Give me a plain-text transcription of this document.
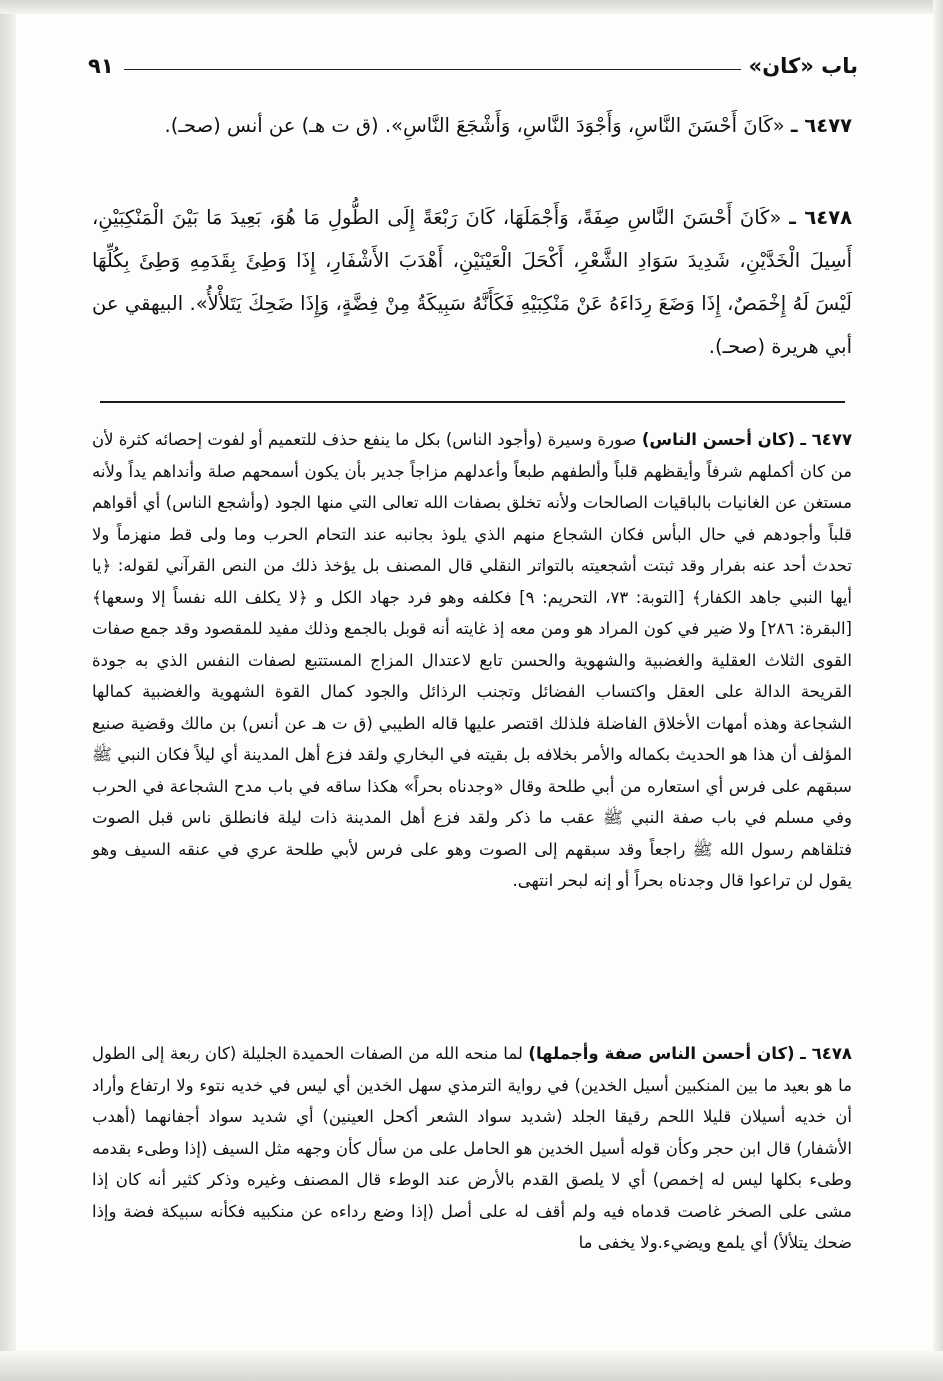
باب «كان»
٩١
٦٤٧٧ ـ «كَانَ أَحْسَنَ النَّاسِ، وَأَجْوَدَ النَّاسِ، وَأَشْجَعَ النَّاسِ». (ق ت هـ) عن أنس (صحـ).
٦٤٧٨ ـ «كَانَ أَحْسَنَ النَّاسِ صِفَةً، وَأَجْمَلَهَا، كَانَ رَبْعَةً إِلَى الطُّولِ مَا هُوَ، بَعِيدَ مَا بَيْنَ الْمَنْكِبَيْنِ، أَسِيلَ الْخَدَّيْنِ، شَدِيدَ سَوَادِ الشَّعْرِ، أَكْحَلَ الْعَيْنَيْنِ، أَهْدَبَ الأَشْفَارِ، إِذَا وَطِئَ بِقَدَمِهِ وَطِئَ بِكُلِّهَا لَيْسَ لَهُ إِخْمَصٌ، إِذَا وَضَعَ رِدَاءَهُ عَنْ مَنْكِبَيْهِ فَكَأَنَّهُ سَبِيكَةُ مِنْ فِضَّةٍ، وَإِذَا ضَحِكَ يَتَلأْلأُ». البيهقي عن أبي هريرة (صحـ).
٦٤٧٧ ـ (كان أحسن الناس) صورة وسيرة (وأجود الناس) بكل ما ينفع حذف للتعميم أو لفوت إحصائه كثرة لأن من كان أكملهم شرفاً وأيقظهم قلباً وألطفهم طبعاً وأعدلهم مزاجاً جدير بأن يكون أسمحهم صلة وأنداهم يداً ولأنه مستغن عن الغانيات بالباقيات الصالحات ولأنه تخلق بصفات الله تعالى التي منها الجود (وأشجع الناس) أي أقواهم قلباً وأجودهم في حال البأس فكان الشجاع منهم الذي يلوذ بجانبه عند التحام الحرب وما ولى قط منهزماً ولا تحدث أحد عنه بفرار وقد ثبتت أشجعيته بالتواتر النقلي قال المصنف بل يؤخذ ذلك من النص القرآني لقوله: ﴿يا أيها النبي جاهد الكفار﴾ [التوبة: ٧٣، التحريم: ٩] فكلفه وهو فرد جهاد الكل و ﴿لا يكلف الله نفساً إلا وسعها﴾ [البقرة: ٢٨٦] ولا ضير في كون المراد هو ومن معه إذ غايته أنه قوبل بالجمع وذلك مفيد للمقصود وقد جمع صفات القوى الثلاث العقلية والغضبية والشهوية والحسن تابع لاعتدال المزاج المستتبع لصفات النفس الذي به جودة القريحة الدالة على العقل واكتساب الفضائل وتجنب الرذائل والجود كمال القوة الشهوية والغضبية كمالها الشجاعة وهذه أمهات الأخلاق الفاضلة فلذلك اقتصر عليها قاله الطيبي (ق ت هـ عن أنس) بن مالك وقضية صنيع المؤلف أن هذا هو الحديث بكماله والأمر بخلافه بل بقيته في البخاري ولقد فزع أهل المدينة أي ليلاً فكان النبي ﷺ سبقهم على فرس أي استعاره من أبي طلحة وقال «وجدناه بحراً» هكذا ساقه في باب مدح الشجاعة في الحرب وفي مسلم في باب صفة النبي ﷺ عقب ما ذكر ولقد فزع أهل المدينة ذات ليلة فانطلق ناس قبل الصوت فتلقاهم رسول الله ﷺ راجعاً وقد سبقهم إلى الصوت وهو على فرس لأبي طلحة عري في عنقه السيف وهو يقول لن تراعوا قال وجدناه بحراً أو إنه لبحر انتهى.
٦٤٧٨ ـ (كان أحسن الناس صفة وأجملها) لما منحه الله من الصفات الحميدة الجليلة (كان ربعة إلى الطول ما هو بعيد ما بين المنكبين أسيل الخدين) في رواية الترمذي سهل الخدين أي ليس في خديه نتوء ولا ارتفاع وأراد أن خديه أسيلان قليلا اللحم رقيقا الجلد (شديد سواد الشعر أكحل العينين) أي شديد سواد أجفانهما (أهدب الأشفار) قال ابن حجر وكأن قوله أسيل الخدين هو الحامل على من سأل كأن وجهه مثل السيف (إذا وطىء بقدمه وطىء بكلها ليس له إخمص) أي لا يلصق القدم بالأرض عند الوطء قال المصنف وغيره وذكر كثير أنه كان إذا مشى على الصخر غاصت قدماه فيه ولم أقف له على أصل (إذا وضع رداءه عن منكبيه فكأنه سبيكة فضة وإذا ضحك يتلألأ) أي يلمع ويضيء.ولا يخفى ما
